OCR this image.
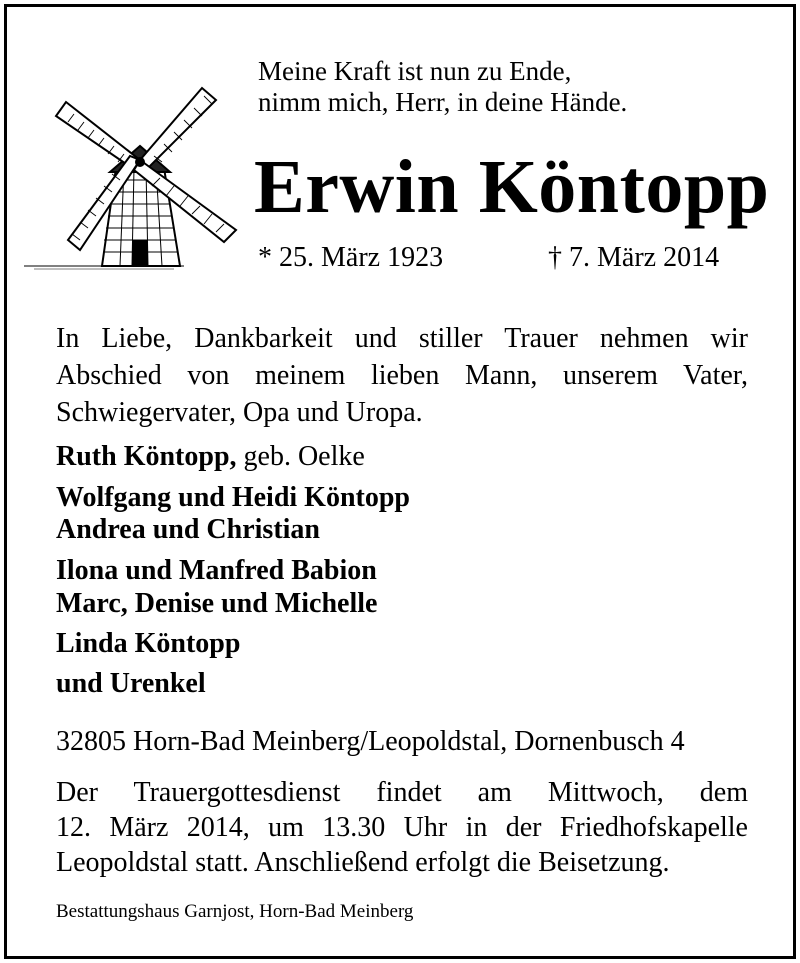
Meine Kraft ist nun zu Ende,
nimm mich, Herr, in deine Hände.
Erwin Köntopp
* 25. März 1923	† 7. März 2014
In Liebe, Dankbarkeit und stiller Trauer nehmen wir
Abschied von meinem lieben Mann, unserem Vater,
Schwiegervater, Opa und Uropa.
Ruth Köntopp, geb. Oelke
Wolfgang und Heidi Köntopp
Andrea und Christian
Ilona und Manfred Babion
Marc, Denise und Michelle
Linda Köntopp
und Urenkel
32805 Horn-Bad Meinberg/Leopoldstal, Dornenbusch 4
Der Trauergottesdienst findet am Mittwoch, dem
12. März 2014, um 13.30 Uhr in der Friedhofskapelle
Leopoldstal statt. Anschließend erfolgt die Beisetzung.
Bestattungshaus Garnjost, Horn-Bad Meinberg
